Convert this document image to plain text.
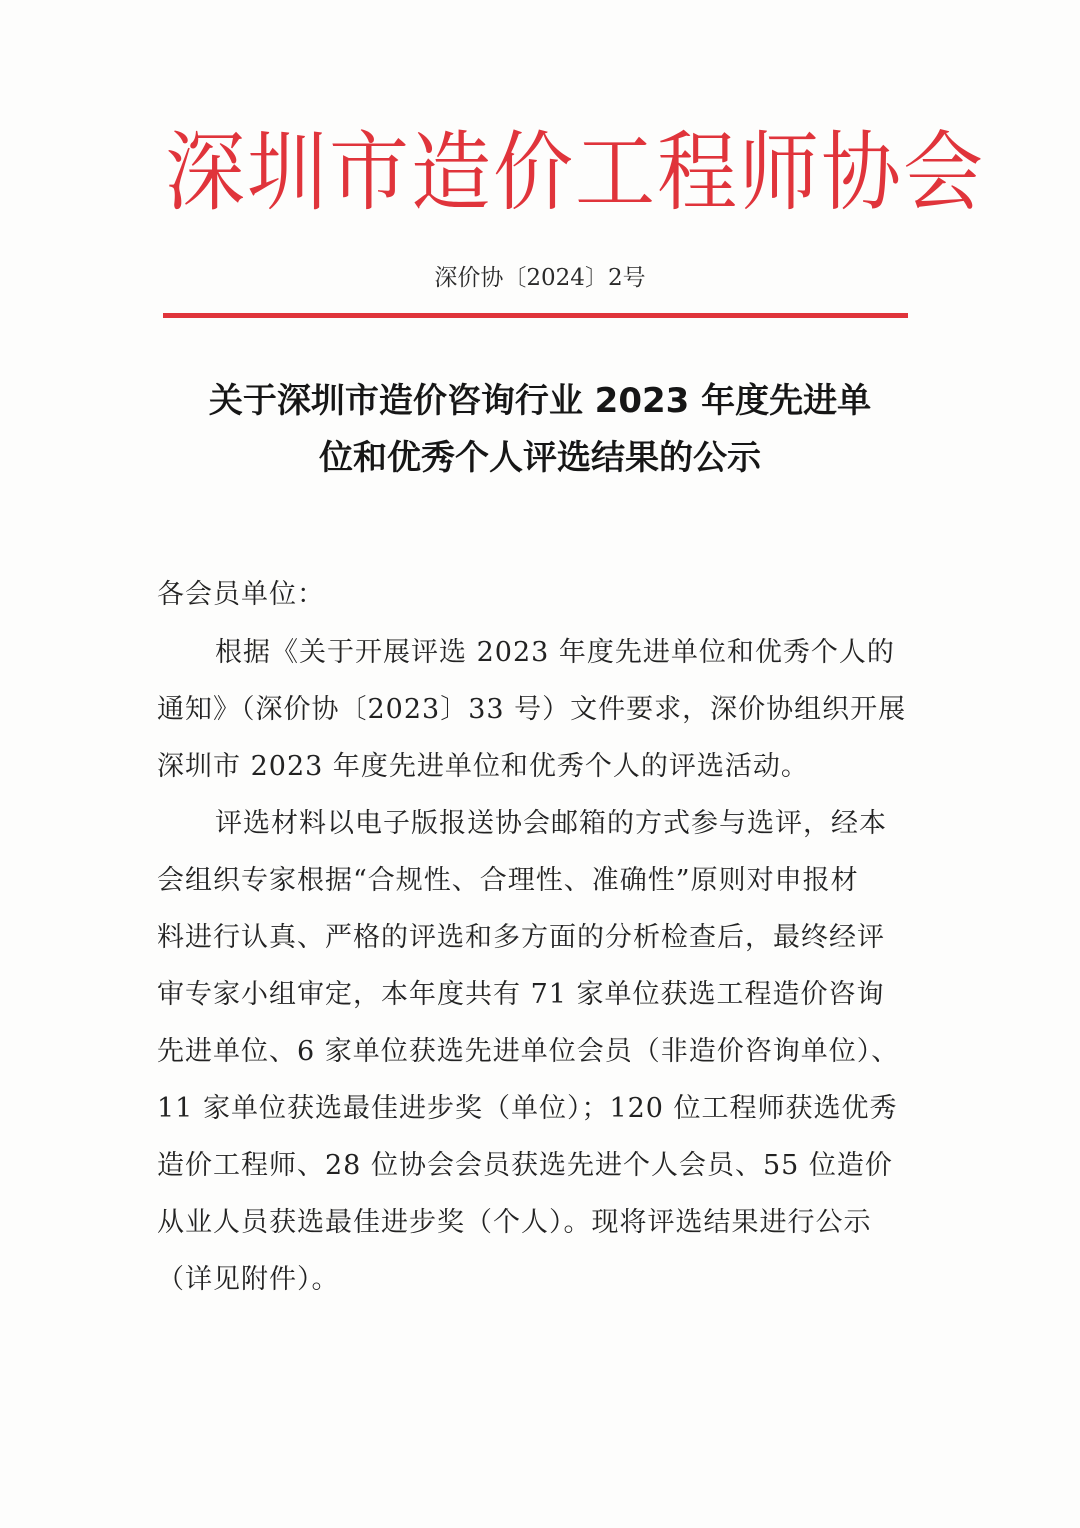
深圳市造价工程师协会
深价协〔2024〕2号
关于深圳市造价咨询行业 2023 年度先进单
位和优秀个人评选结果的公示
各会员单位：
根据《关于开展评选 2023 年度先进单位和优秀个人的
通知》（深价协〔2023〕33 号）文件要求，深价协组织开展
深圳市 2023 年度先进单位和优秀个人的评选活动。
评选材料以电子版报送协会邮箱的方式参与选评，经本
会组织专家根据“合规性、合理性、准确性”原则对申报材
料进行认真、严格的评选和多方面的分析检查后，最终经评
审专家小组审定，本年度共有 71 家单位获选工程造价咨询
先进单位、6 家单位获选先进单位会员（非造价咨询单位）、
11 家单位获选最佳进步奖（单位）；120 位工程师获选优秀
造价工程师、28 位协会会员获选先进个人会员、55 位造价
从业人员获选最佳进步奖（个人）。现将评选结果进行公示
（详见附件）。
